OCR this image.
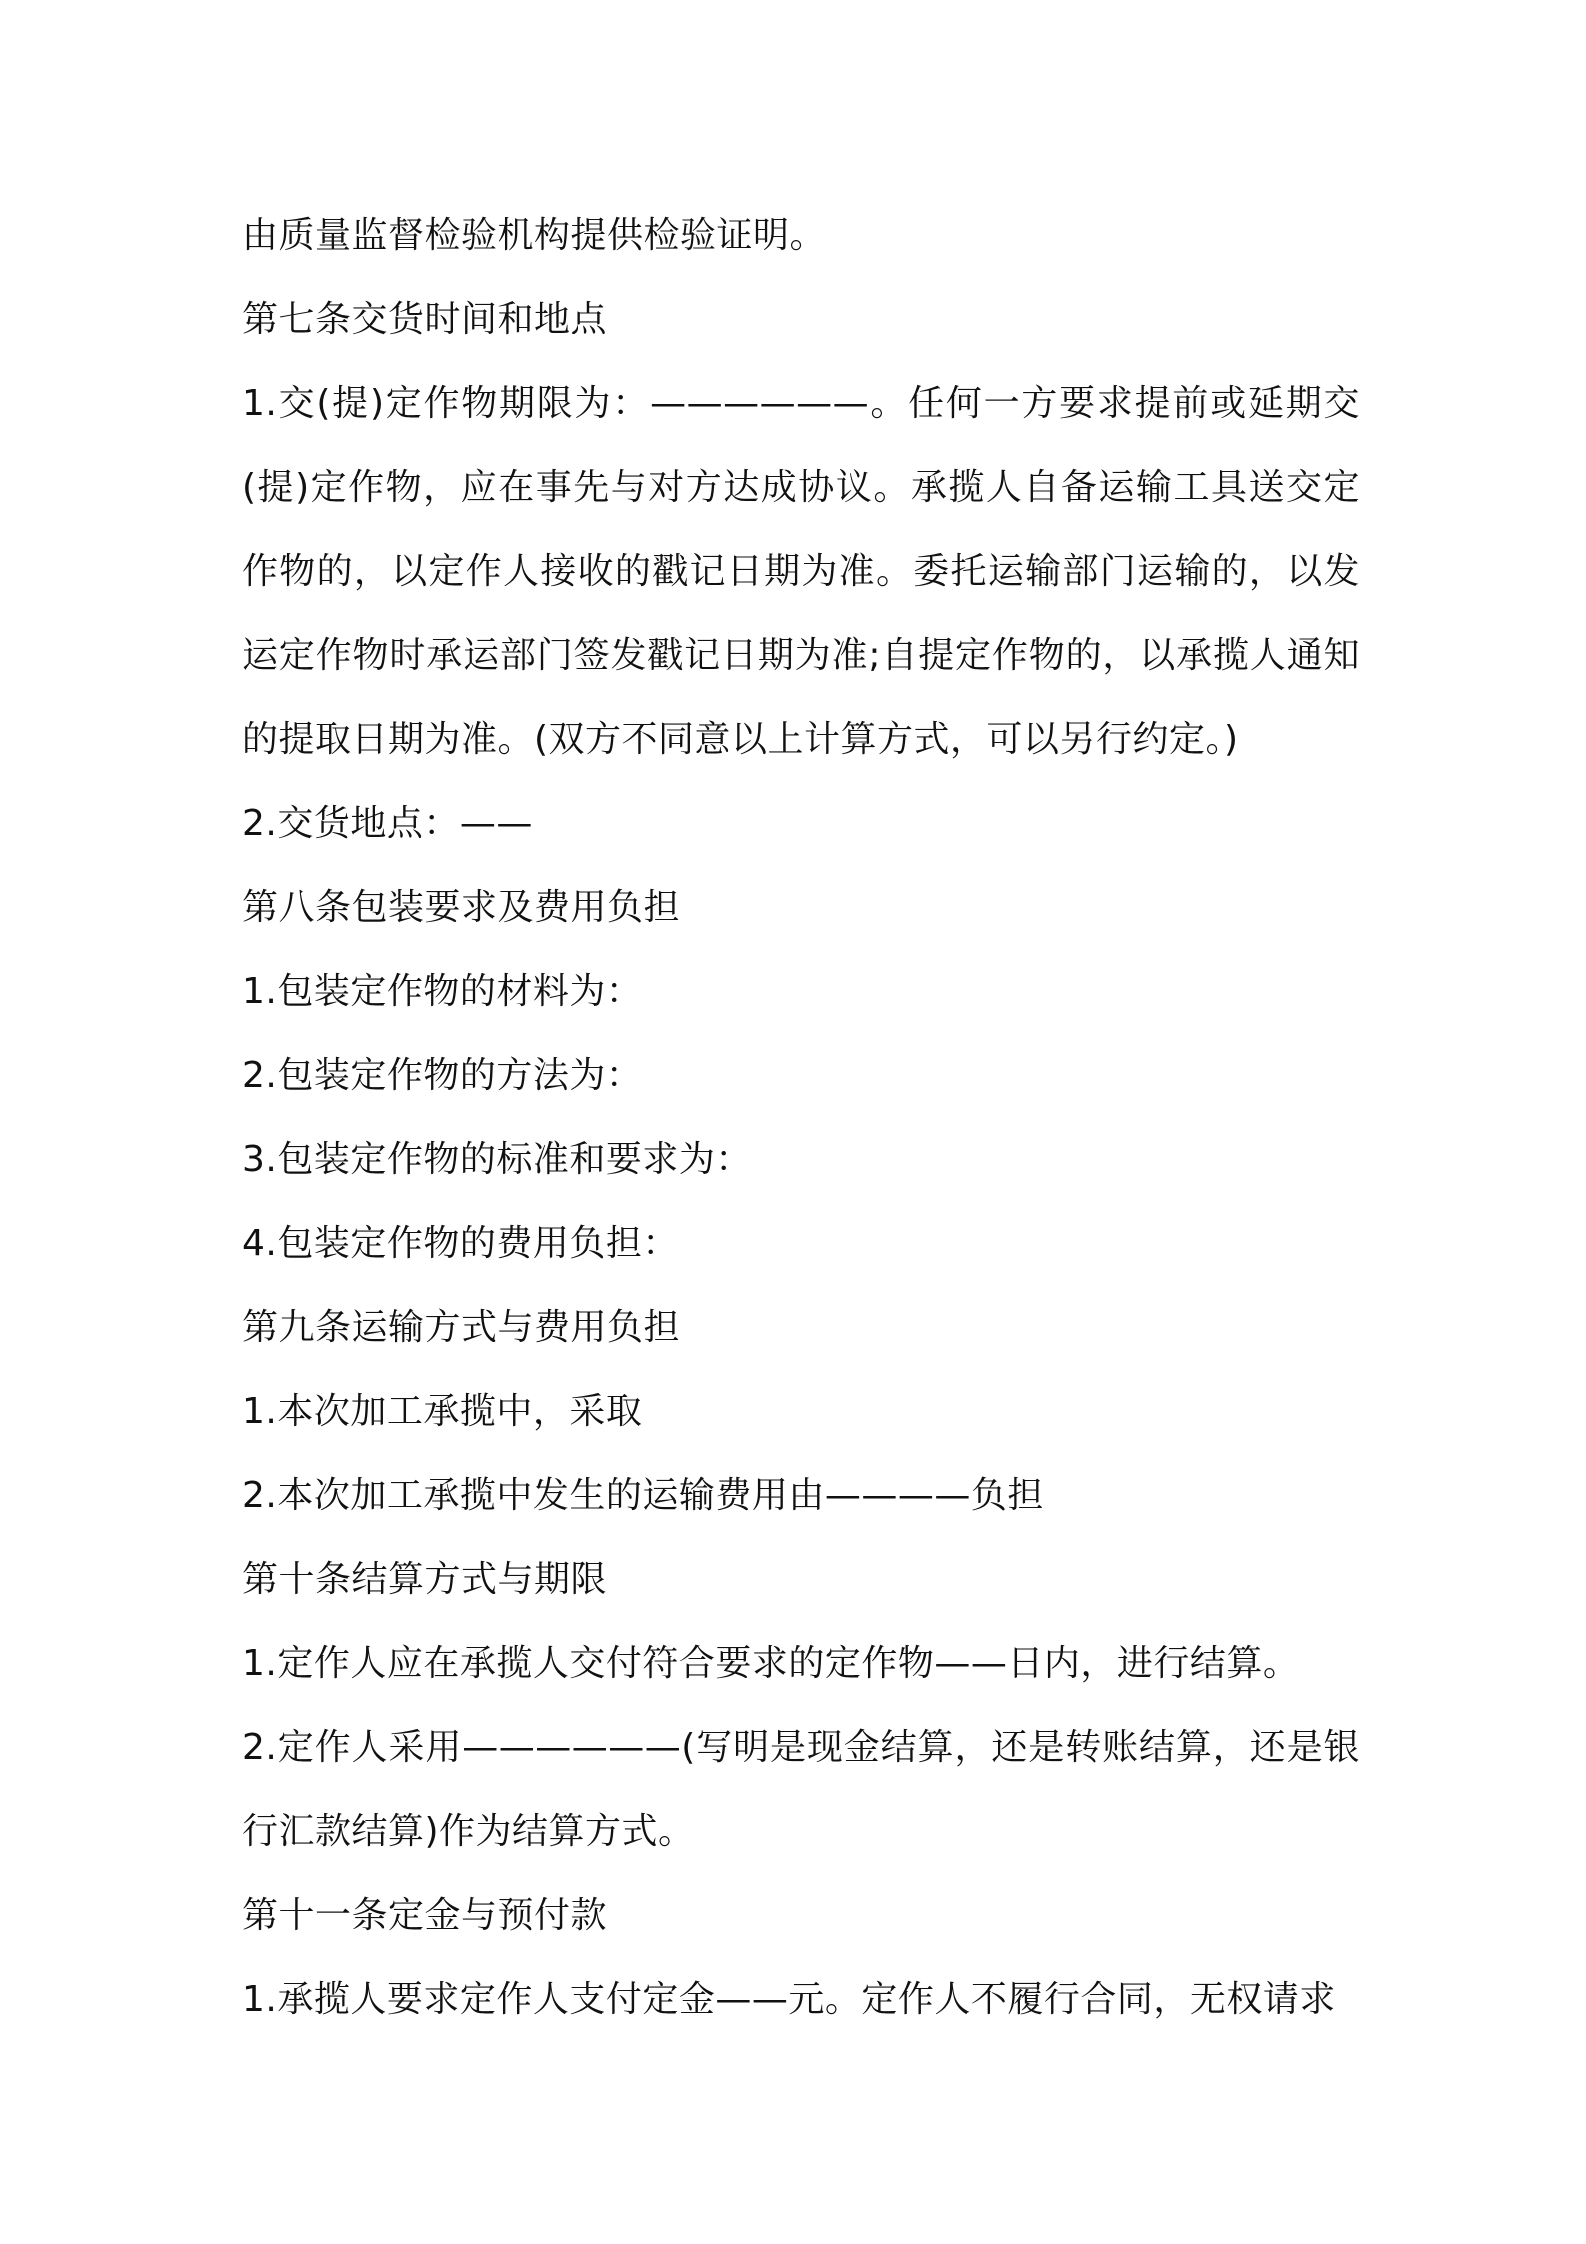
由质量监督检验机构提供检验证明。

第七条交货时间和地点

1.交(提)定作物期限为：——————。任何一方要求提前或延期交(提)定作物，应在事先与对方达成协议。承揽人自备运输工具送交定作物的，以定作人接收的戳记日期为准。委托运输部门运输的，以发运定作物时承运部门签发戳记日期为准;自提定作物的，以承揽人通知的提取日期为准。(双方不同意以上计算方式，可以另行约定。)

2.交货地点：——

第八条包装要求及费用负担

1.包装定作物的材料为：

2.包装定作物的方法为：

3.包装定作物的标准和要求为：

4.包装定作物的费用负担：

第九条运输方式与费用负担

1.本次加工承揽中，采取

2.本次加工承揽中发生的运输费用由————负担

第十条结算方式与期限

1.定作人应在承揽人交付符合要求的定作物——日内，进行结算。

2.定作人采用——————(写明是现金结算，还是转账结算，还是银行汇款结算)作为结算方式。

第十一条定金与预付款

1.承揽人要求定作人支付定金——元。定作人不履行合同，无权请求
